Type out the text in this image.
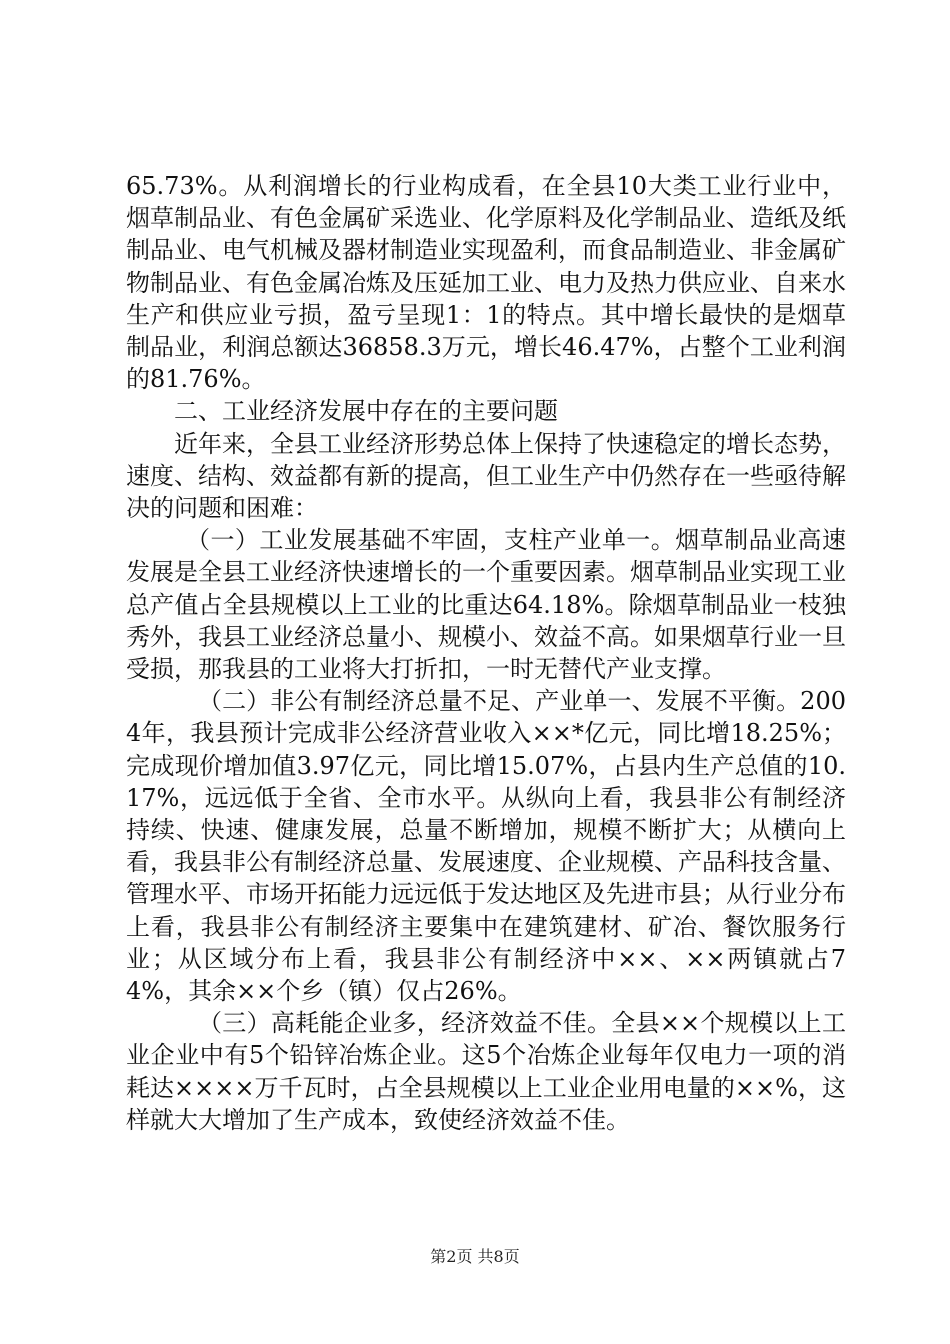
65.73%。从利润增长的行业构成看，在全县10大类工业行业中，烟草制品业、有色金属矿采选业、化学原料及化学制品业、造纸及纸制品业、电气机械及器材制造业实现盈利，而食品制造业、非金属矿物制品业、有色金属冶炼及压延加工业、电力及热力供应业、自来水生产和供应业亏损，盈亏呈现1：1的特点。其中增长最快的是烟草制品业，利润总额达36858.3万元，增长46.47%，占整个工业利润的81.76%。

二、工业经济发展中存在的主要问题

近年来，全县工业经济形势总体上保持了快速稳定的增长态势，速度、结构、效益都有新的提高，但工业生产中仍然存在一些亟待解决的问题和困难：

（一）工业发展基础不牢固，支柱产业单一。烟草制品业高速发展是全县工业经济快速增长的一个重要因素。烟草制品业实现工业总产值占全县规模以上工业的比重达64.18%。除烟草制品业一枝独秀外，我县工业经济总量小、规模小、效益不高。如果烟草行业一旦受损，那我县的工业将大打折扣，一时无替代产业支撑。

（二）非公有制经济总量不足、产业单一、发展不平衡。2004年，我县预计完成非公经济营业收入××*亿元，同比增18.25%；完成现价增加值3.97亿元，同比增15.07%，占县内生产总值的10.17%，远远低于全省、全市水平。从纵向上看，我县非公有制经济持续、快速、健康发展，总量不断增加，规模不断扩大；从横向上看，我县非公有制经济总量、发展速度、企业规模、产品科技含量、管理水平、市场开拓能力远远低于发达地区及先进市县；从行业分布上看，我县非公有制经济主要集中在建筑建材、矿冶、餐饮服务行业；从区域分布上看，我县非公有制经济中××、××两镇就占74%，其余××个乡（镇）仅占26%。

（三）高耗能企业多，经济效益不佳。全县××个规模以上工业企业中有5个铅锌冶炼企业。这5个冶炼企业每年仅电力一项的消耗达××××万千瓦时，占全县规模以上工业企业用电量的××%，这样就大大增加了生产成本，致使经济效益不佳。

第2页 共8页
